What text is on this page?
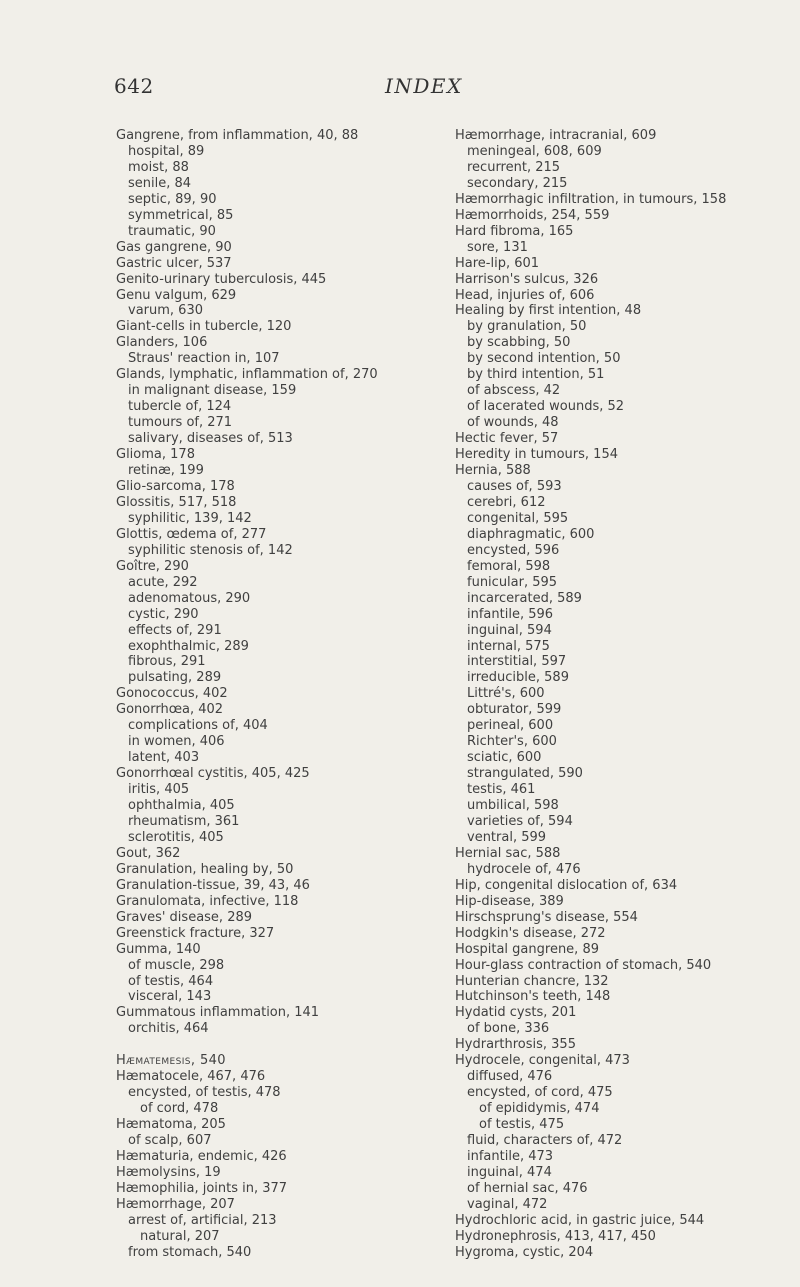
642	INDEX
Gangrene, from inflammation, 40, 88
hospital, 89
moist, 88
senile, 84
septic, 89, 90
symmetrical, 85
traumatic, 90
Gas gangrene, 90
Gastric ulcer, 537
Genito-urinary tuberculosis, 445
Genu valgum, 629
varum, 630
Giant-cells in tubercle, 120
Glanders, 106
Straus' reaction in, 107
Glands, lymphatic, inflammation of, 270
in malignant disease, 159
tubercle of, 124
tumours of, 271
salivary, diseases of, 513
Glioma, 178
retinæ, 199
Glio-sarcoma, 178
Glossitis, 517, 518
syphilitic, 139, 142
Glottis, œdema of, 277
syphilitic stenosis of, 142
Goître, 290
acute, 292
adenomatous, 290
cystic, 290
effects of, 291
exophthalmic, 289
fibrous, 291
pulsating, 289
Gonococcus, 402
Gonorrhœa, 402
complications of, 404
in women, 406
latent, 403
Gonorrhœal cystitis, 405, 425
iritis, 405
ophthalmia, 405
rheumatism, 361
sclerotitis, 405
Gout, 362
Granulation, healing by, 50
Granulation-tissue, 39, 43, 46
Granulomata, infective, 118
Graves' disease, 289
Greenstick fracture, 327
Gumma, 140
of muscle, 298
of testis, 464
visceral, 143
Gummatous inflammation, 141
orchitis, 464
Hæmatemesis, 540
Hæmatocele, 467, 476
encysted, of testis, 478
of cord, 478
Hæmatoma, 205
of scalp, 607
Hæmaturia, endemic, 426
Hæmolysins, 19
Hæmophilia, joints in, 377
Hæmorrhage, 207
arrest of, artificial, 213
natural, 207
from stomach, 540
Hæmorrhage, intracranial, 609
meningeal, 608, 609
recurrent, 215
secondary, 215
Hæmorrhagic infiltration, in tumours, 158
Hæmorrhoids, 254, 559
Hard fibroma, 165
sore, 131
Hare-lip, 601
Harrison's sulcus, 326
Head, injuries of, 606
Healing by first intention, 48
by granulation, 50
by scabbing, 50
by second intention, 50
by third intention, 51
of abscess, 42
of lacerated wounds, 52
of wounds, 48
Hectic fever, 57
Heredity in tumours, 154
Hernia, 588
causes of, 593
cerebri, 612
congenital, 595
diaphragmatic, 600
encysted, 596
femoral, 598
funicular, 595
incarcerated, 589
infantile, 596
inguinal, 594
internal, 575
interstitial, 597
irreducible, 589
Littré's, 600
obturator, 599
perineal, 600
Richter's, 600
sciatic, 600
strangulated, 590
testis, 461
umbilical, 598
varieties of, 594
ventral, 599
Hernial sac, 588
hydrocele of, 476
Hip, congenital dislocation of, 634
Hip-disease, 389
Hirschsprung's disease, 554
Hodgkin's disease, 272
Hospital gangrene, 89
Hour-glass contraction of stomach, 540
Hunterian chancre, 132
Hutchinson's teeth, 148
Hydatid cysts, 201
of bone, 336
Hydrarthrosis, 355
Hydrocele, congenital, 473
diffused, 476
encysted, of cord, 475
of epididymis, 474
of testis, 475
fluid, characters of, 472
infantile, 473
inguinal, 474
of hernial sac, 476
vaginal, 472
Hydrochloric acid, in gastric juice, 544
Hydronephrosis, 413, 417, 450
Hygroma, cystic, 204
